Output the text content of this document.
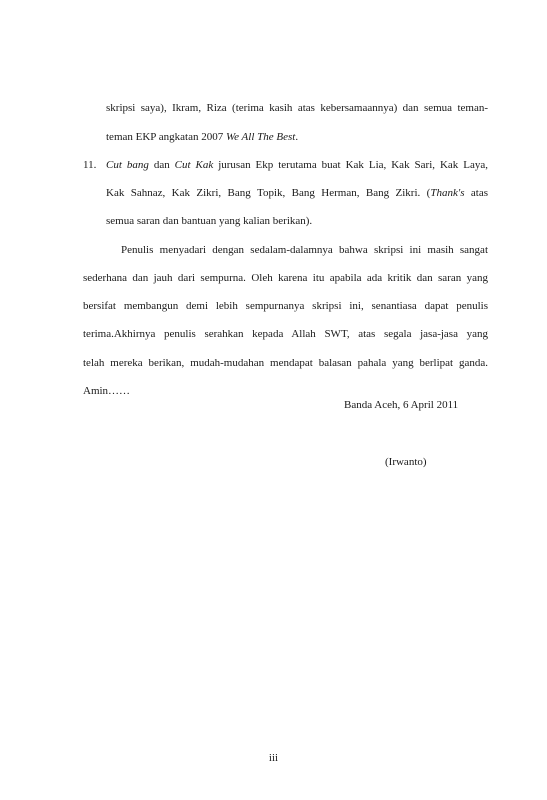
skripsi saya), Ikram, Riza (terima kasih atas kebersamaannya) dan semua teman-
teman EKP angkatan 2007 We All The Best.
11. Cut bang dan Cut Kak jurusan Ekp terutama buat Kak Lia, Kak Sari, Kak Laya,
Kak Sahnaz, Kak Zikri, Bang Topik, Bang Herman, Bang Zikri. (Thank's atas
semua saran dan bantuan yang kalian berikan).
Penulis menyadari dengan sedalam-dalamnya bahwa skripsi ini masih sangat
sederhana dan jauh dari sempurna. Oleh karena itu apabila ada kritik dan saran yang
bersifat membangun demi lebih sempurnanya skripsi ini, senantiasa dapat penulis
terima.Akhirnya penulis serahkan kepada Allah SWT, atas segala jasa-jasa yang
telah mereka berikan, mudah-mudahan mendapat balasan pahala yang berlipat ganda.
Amin……
Banda Aceh, 6 April 2011
(Irwanto)
iii
